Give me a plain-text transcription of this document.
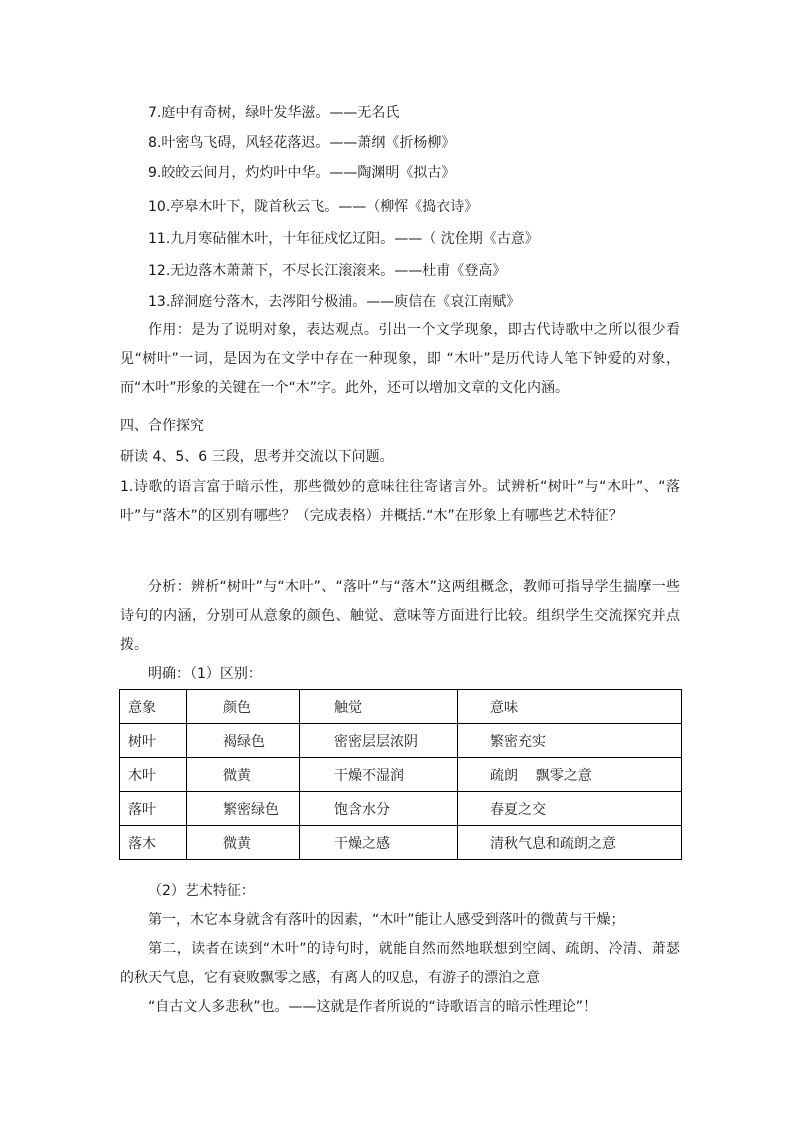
7.庭中有奇树，绿叶发华滋。——无名氏
8.叶密鸟飞碍，风轻花落迟。——萧纲《折杨柳》
9.皎皎云间月，灼灼叶中华。——陶渊明《拟古》
10.亭皋木叶下，陇首秋云飞。——（柳恽《捣衣诗》
11.九月寒砧催木叶，十年征戍忆辽阳。——（ 沈佺期《古意》
12.无边落木萧萧下，不尽长江滚滚来。——杜甫《登高》
13.辞洞庭兮落木，去涔阳兮极浦。——庾信在《哀江南赋》

作用：是为了说明对象，表达观点。引出一个文学现象，即古代诗歌中之所以很少看见“树叶”一词，是因为在文学中存在一种现象，即 “木叶”是历代诗人笔下钟爱的对象，而“木叶”形象的关键在一个“木”字。此外，还可以增加文章的文化内涵。

四、合作探究
研读 4、5、6 三段，思考并交流以下问题。

1.诗歌的语言富于暗示性，那些微妙的意味往往寄诸言外。试辨析“树叶”与“木叶”、“落叶”与“落木”的区别有哪些？（完成表格）并概括.“木”在形象上有哪些艺术特征？

分析：辨析“树叶”与“木叶”、“落叶”与“落木”这两组概念，教师可指导学生揣摩一些诗句的内涵，分别可从意象的颜色、触觉、意味等方面进行比较。组织学生交流探究并点拨。

明确：（1）区别：
意象	颜色	触觉	意味
树叶	褐绿色	密密层层浓阴	繁密充实
木叶	微黄	干燥不湿润	疏朗    飘零之意
落叶	繁密绿色	饱含水分	春夏之交
落木	微黄	干燥之感	清秋气息和疏朗之意
（2）艺术特征：

第一，木它本身就含有落叶的因素，“木叶”能让人感受到落叶的微黄与干燥；

第二，读者在读到“木叶”的诗句时，就能自然而然地联想到空阔、疏朗、冷清、萧瑟的秋天气息，它有衰败飘零之感，有离人的叹息，有游子的漂泊之意

“自古文人多悲秋”也。——这就是作者所说的“诗歌语言的暗示性理论”！
